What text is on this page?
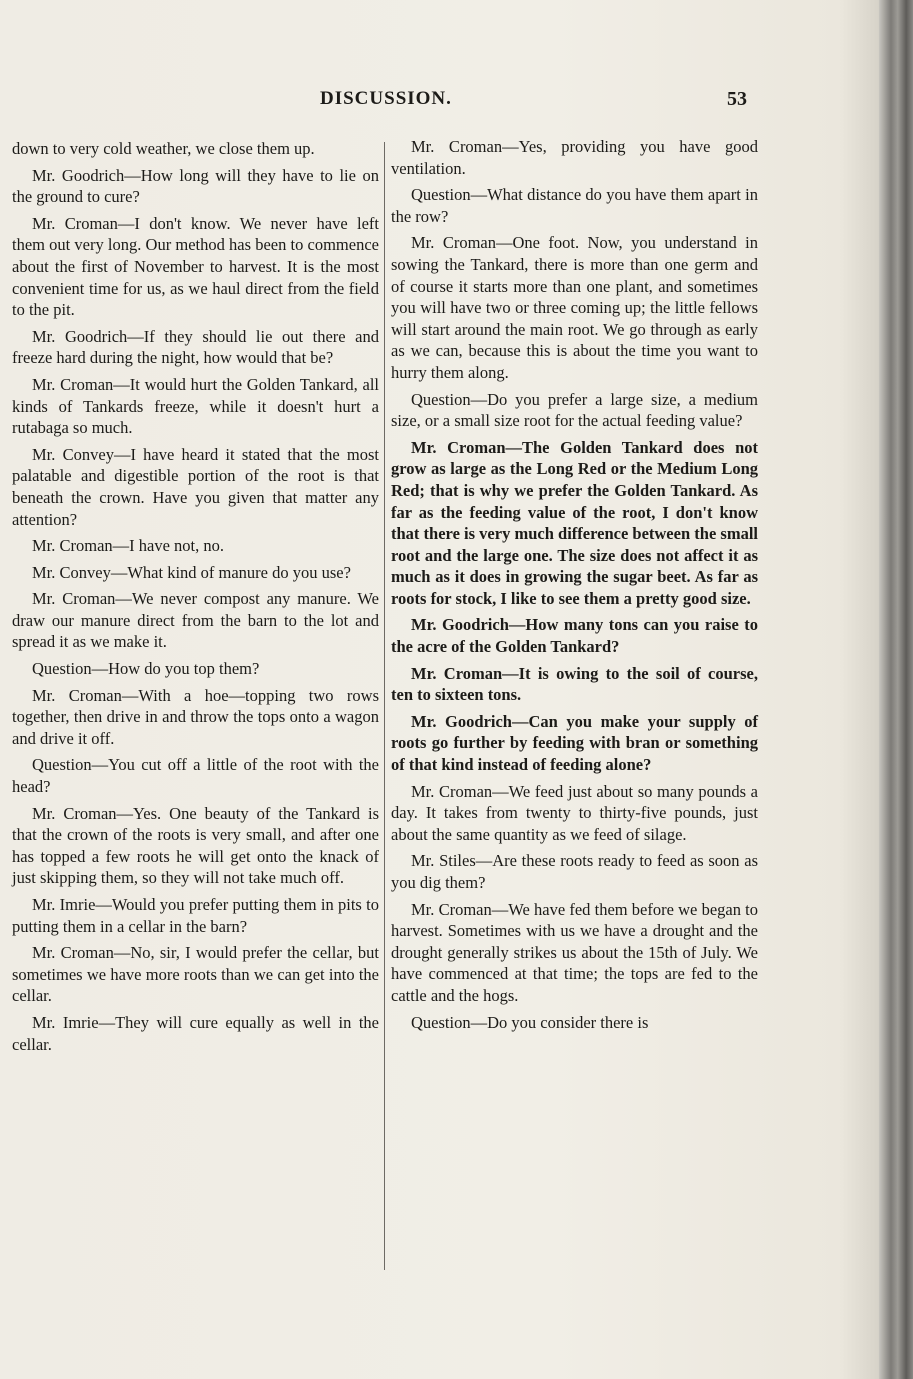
DISCUSSION.	53

down to very cold weather, we close them up.

Mr. Goodrich—How long will they have to lie on the ground to cure?

Mr. Croman—I don't know. We never have left them out very long. Our method has been to commence about the first of November to harvest. It is the most convenient time for us, as we haul direct from the field to the pit.

Mr. Goodrich—If they should lie out there and freeze hard during the night, how would that be?

Mr. Croman—It would hurt the Golden Tankard, all kinds of Tankards freeze, while it doesn't hurt a rutabaga so much.

Mr. Convey—I have heard it stated that the most palatable and digestible portion of the root is that beneath the crown. Have you given that matter any attention?

Mr. Croman—I have not, no.

Mr. Convey—What kind of manure do you use?

Mr. Croman—We never compost any manure. We draw our manure direct from the barn to the lot and spread it as we make it.

Question—How do you top them?

Mr. Croman—With a hoe—topping two rows together, then drive in and throw the tops onto a wagon and drive it off.

Question—You cut off a little of the root with the head?

Mr. Croman—Yes. One beauty of the Tankard is that the crown of the roots is very small, and after one has topped a few roots he will get onto the knack of just skipping them, so they will not take much off.

Mr. Imrie—Would you prefer putting them in pits to putting them in a cellar in the barn?

Mr. Croman—No, sir, I would prefer the cellar, but sometimes we have more roots than we can get into the cellar.

Mr. Imrie—They will cure equally as well in the cellar.

Mr. Croman—Yes, providing you have good ventilation.

Question—What distance do you have them apart in the row?

Mr. Croman—One foot. Now, you understand in sowing the Tankard, there is more than one germ and of course it starts more than one plant, and sometimes you will have two or three coming up; the little fellows will start around the main root. We go through as early as we can, because this is about the time you want to hurry them along.

Question—Do you prefer a large size, a medium size, or a small size root for the actual feeding value?

Mr. Croman—The Golden Tankard does not grow as large as the Long Red or the Medium Long Red; that is why we prefer the Golden Tankard. As far as the feeding value of the root, I don't know that there is very much difference between the small root and the large one. The size does not affect it as much as it does in growing the sugar beet. As far as roots for stock, I like to see them a pretty good size.

Mr. Goodrich—How many tons can you raise to the acre of the Golden Tankard?

Mr. Croman—It is owing to the soil of course, ten to sixteen tons.

Mr. Goodrich—Can you make your supply of roots go further by feeding with bran or something of that kind instead of feeding alone?

Mr. Croman—We feed just about so many pounds a day. It takes from twenty to thirty-five pounds, just about the same quantity as we feed of silage.

Mr. Stiles—Are these roots ready to feed as soon as you dig them?

Mr. Croman—We have fed them before we began to harvest. Sometimes with us we have a drought and the drought generally strikes us about the 15th of July. We have commenced at that time; the tops are fed to the cattle and the hogs.

Question—Do you consider there is
